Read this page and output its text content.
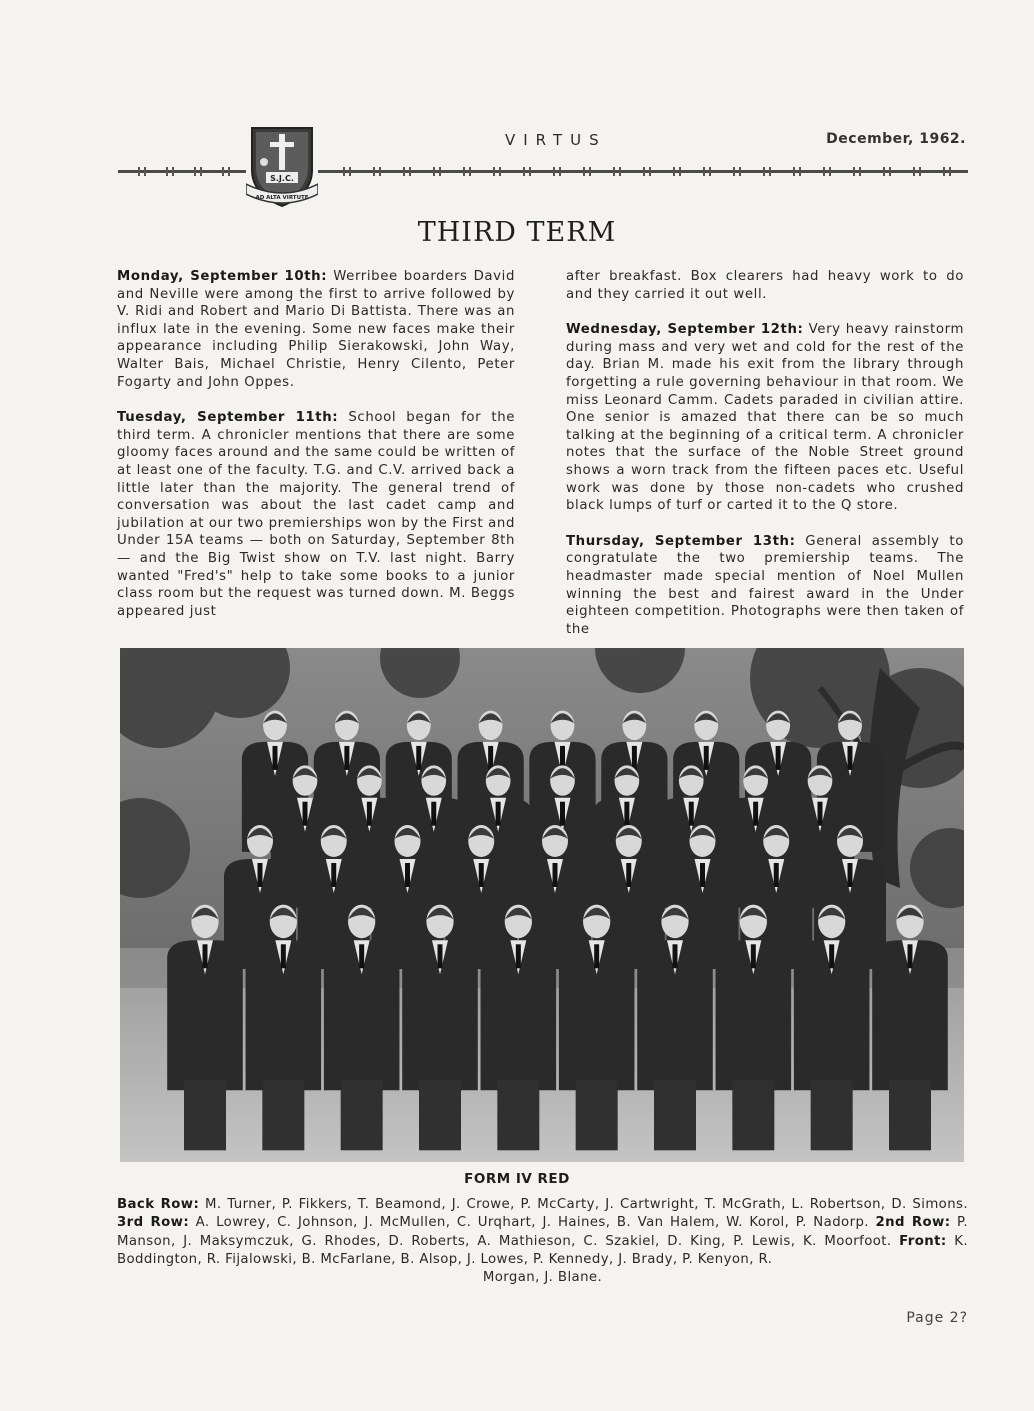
S.J.C.
AD ALTA VIRTUTE
VIRTUS	December, 1962.
THIRD TERM

Monday, September 10th: Werribee boarders David and Neville were among the first to arrive followed by V. Ridi and Robert and Mario Di Battista. There was an influx late in the evening. Some new faces make their appearance including Philip Sierakowski, John Way, Walter Bais, Michael Christie, Henry Cilento, Peter Fogarty and John Oppes.

Tuesday, September 11th: School began for the third term. A chronicler mentions that there are some gloomy faces around and the same could be written of at least one of the faculty. T.G. and C.V. arrived back a little later than the majority. The general trend of conversation was about the last cadet camp and jubilation at our two premierships won by the First and Under 15A teams — both on Saturday, September 8th — and the Big Twist show on T.V. last night. Barry wanted "Fred's" help to take some books to a junior class room but the request was turned down. M. Beggs appeared just

after breakfast. Box clearers had heavy work to do and they carried it out well.

Wednesday, September 12th: Very heavy rainstorm during mass and very wet and cold for the rest of the day. Brian M. made his exit from the library through forgetting a rule governing behaviour in that room. We miss Leonard Camm. Cadets paraded in civilian attire. One senior is amazed that there can be so much talking at the beginning of a critical term. A chronicler notes that the surface of the Noble Street ground shows a worn track from the fifteen paces etc. Useful work was done by those non-cadets who crushed black lumps of turf or carted it to the Q store.

Thursday, September 13th: General assembly to congratulate the two premiership teams. The headmaster made special mention of Noel Mullen winning the best and fairest award in the Under eighteen competition. Photographs were then taken of the

FORM IV RED
Back Row: M. Turner, P. Fikkers, T. Beamond, J. Crowe, P. McCarty, J. Cartwright, T. McGrath, L. Robertson, D. Simons. 3rd Row: A. Lowrey, C. Johnson, J. McMullen, C. Urqhart, J. Haines, B. Van Halem, W. Korol, P. Nadorp. 2nd Row: P. Manson, J. Maksymczuk, G. Rhodes, D. Roberts, A. Mathieson, C. Szakiel, D. King, P. Lewis, K. Moorfoot. Front: K. Boddington, R. Fijalowski, B. McFarlane, B. Alsop, J. Lowes, P. Kennedy, J. Brady, P. Kenyon, R.
Morgan, J. Blane.
Page 2?
